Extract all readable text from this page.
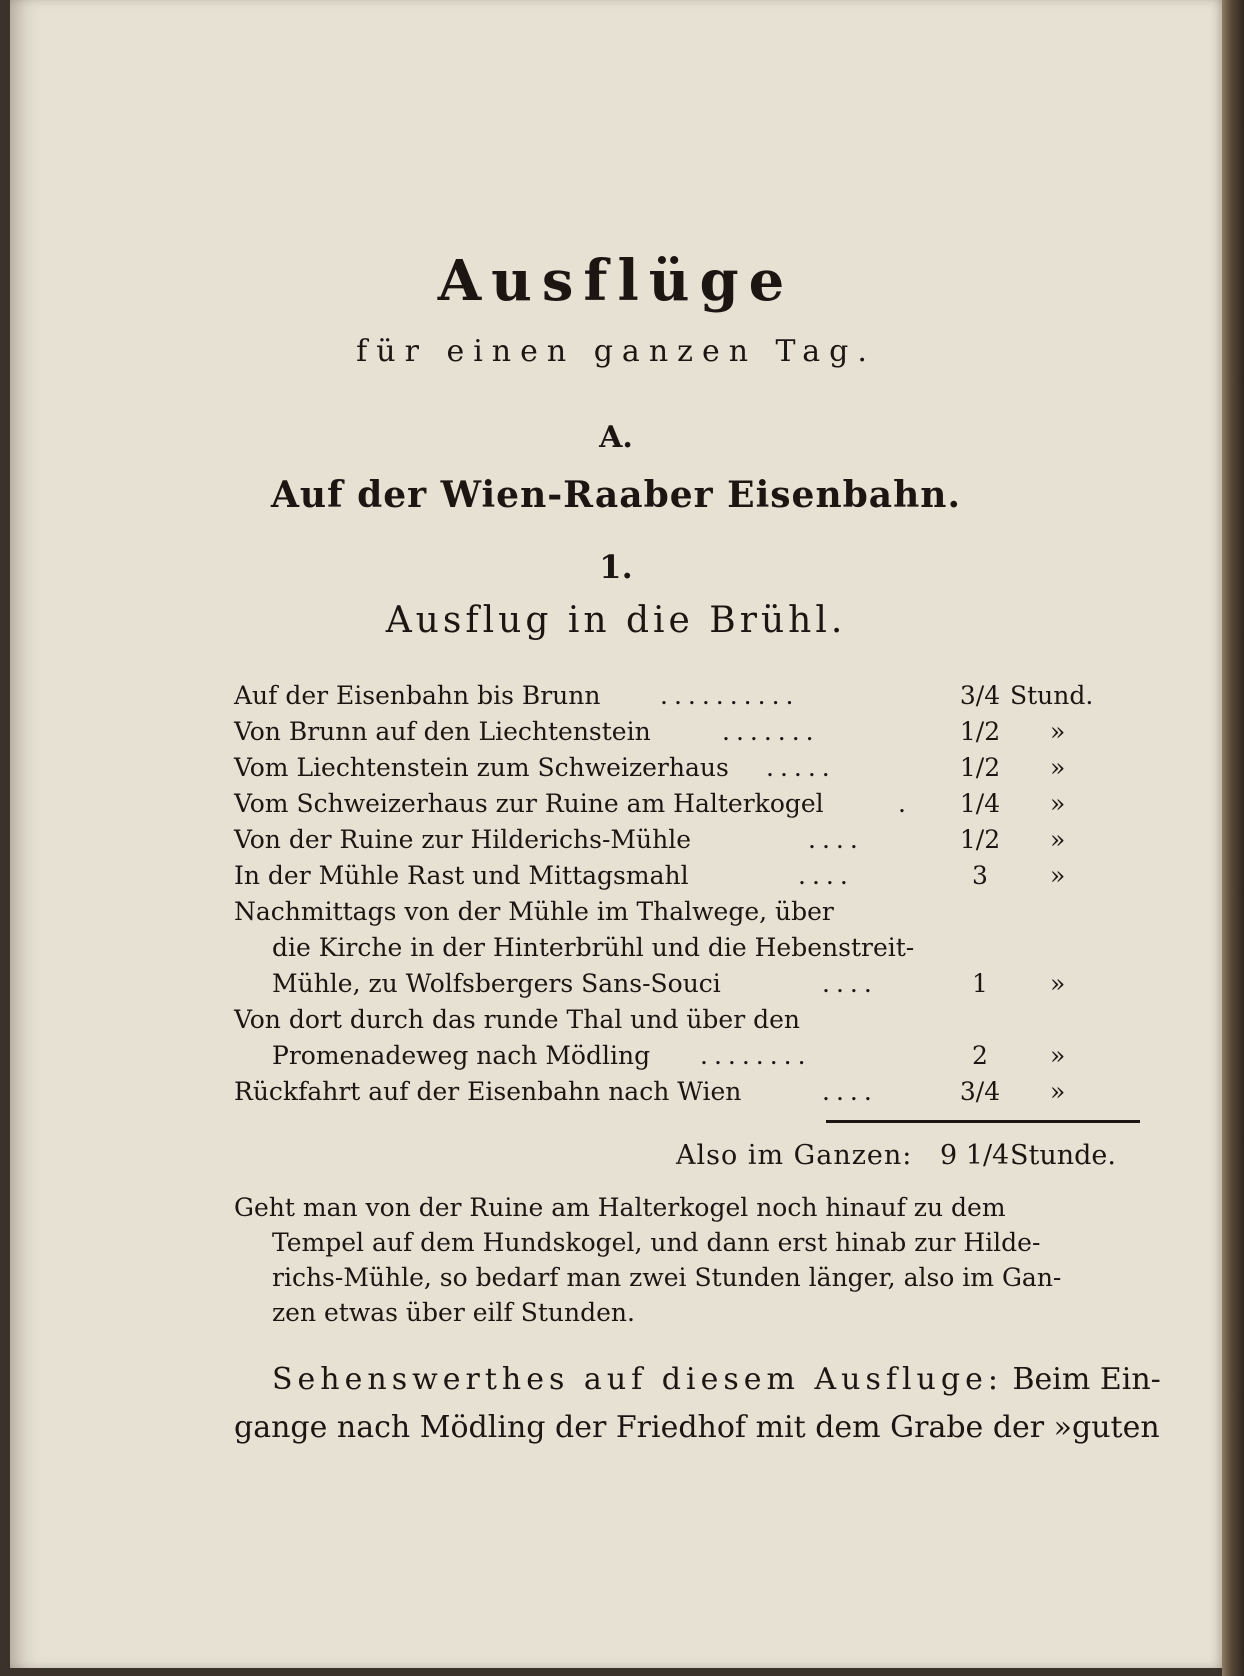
Ausflüge
für einen ganzen Tag.
A.
Auf der Wien-Raaber Eisenbahn.
1.
Ausflug in die Brühl.
Auf der Eisenbahn bis Brunn ..........	3/4 Stund.
Von Brunn auf den Liechtenstein	.......	1/2	»
Vom Liechtenstein zum Schweizerhaus .....	1/2	»
Vom Schweizerhaus zur Ruine am Halterkogel	.	1/4	»
Von der Ruine zur Hilderichs-Mühle	....	1/2	»
In der Mühle Rast und Mittagsmahl	....	3	»
Nachmittags von der Mühle im Thalwege, über
die Kirche in der Hinterbrühl und die Hebenstreit-
Mühle, zu Wolfsbergers Sans-Souci	....	1	»
Von dort durch das runde Thal und über den
Promenadeweg nach Mödling ........	2	»
Rückfahrt auf der Eisenbahn nach Wien	....	3/4	»
Also im Ganzen: 9 1/4 Stunde.
Geht man von der Ruine am Halterkogel noch hinauf zu dem
Tempel auf dem Hundskogel, und dann erst hinab zur Hilde-
richs-Mühle, so bedarf man zwei Stunden länger, also im Gan-
zen etwas über eilf Stunden.
Sehenswerthes auf diesem Ausfluge: Beim Ein-
gange nach Mödling der Friedhof mit dem Grabe der »guten
